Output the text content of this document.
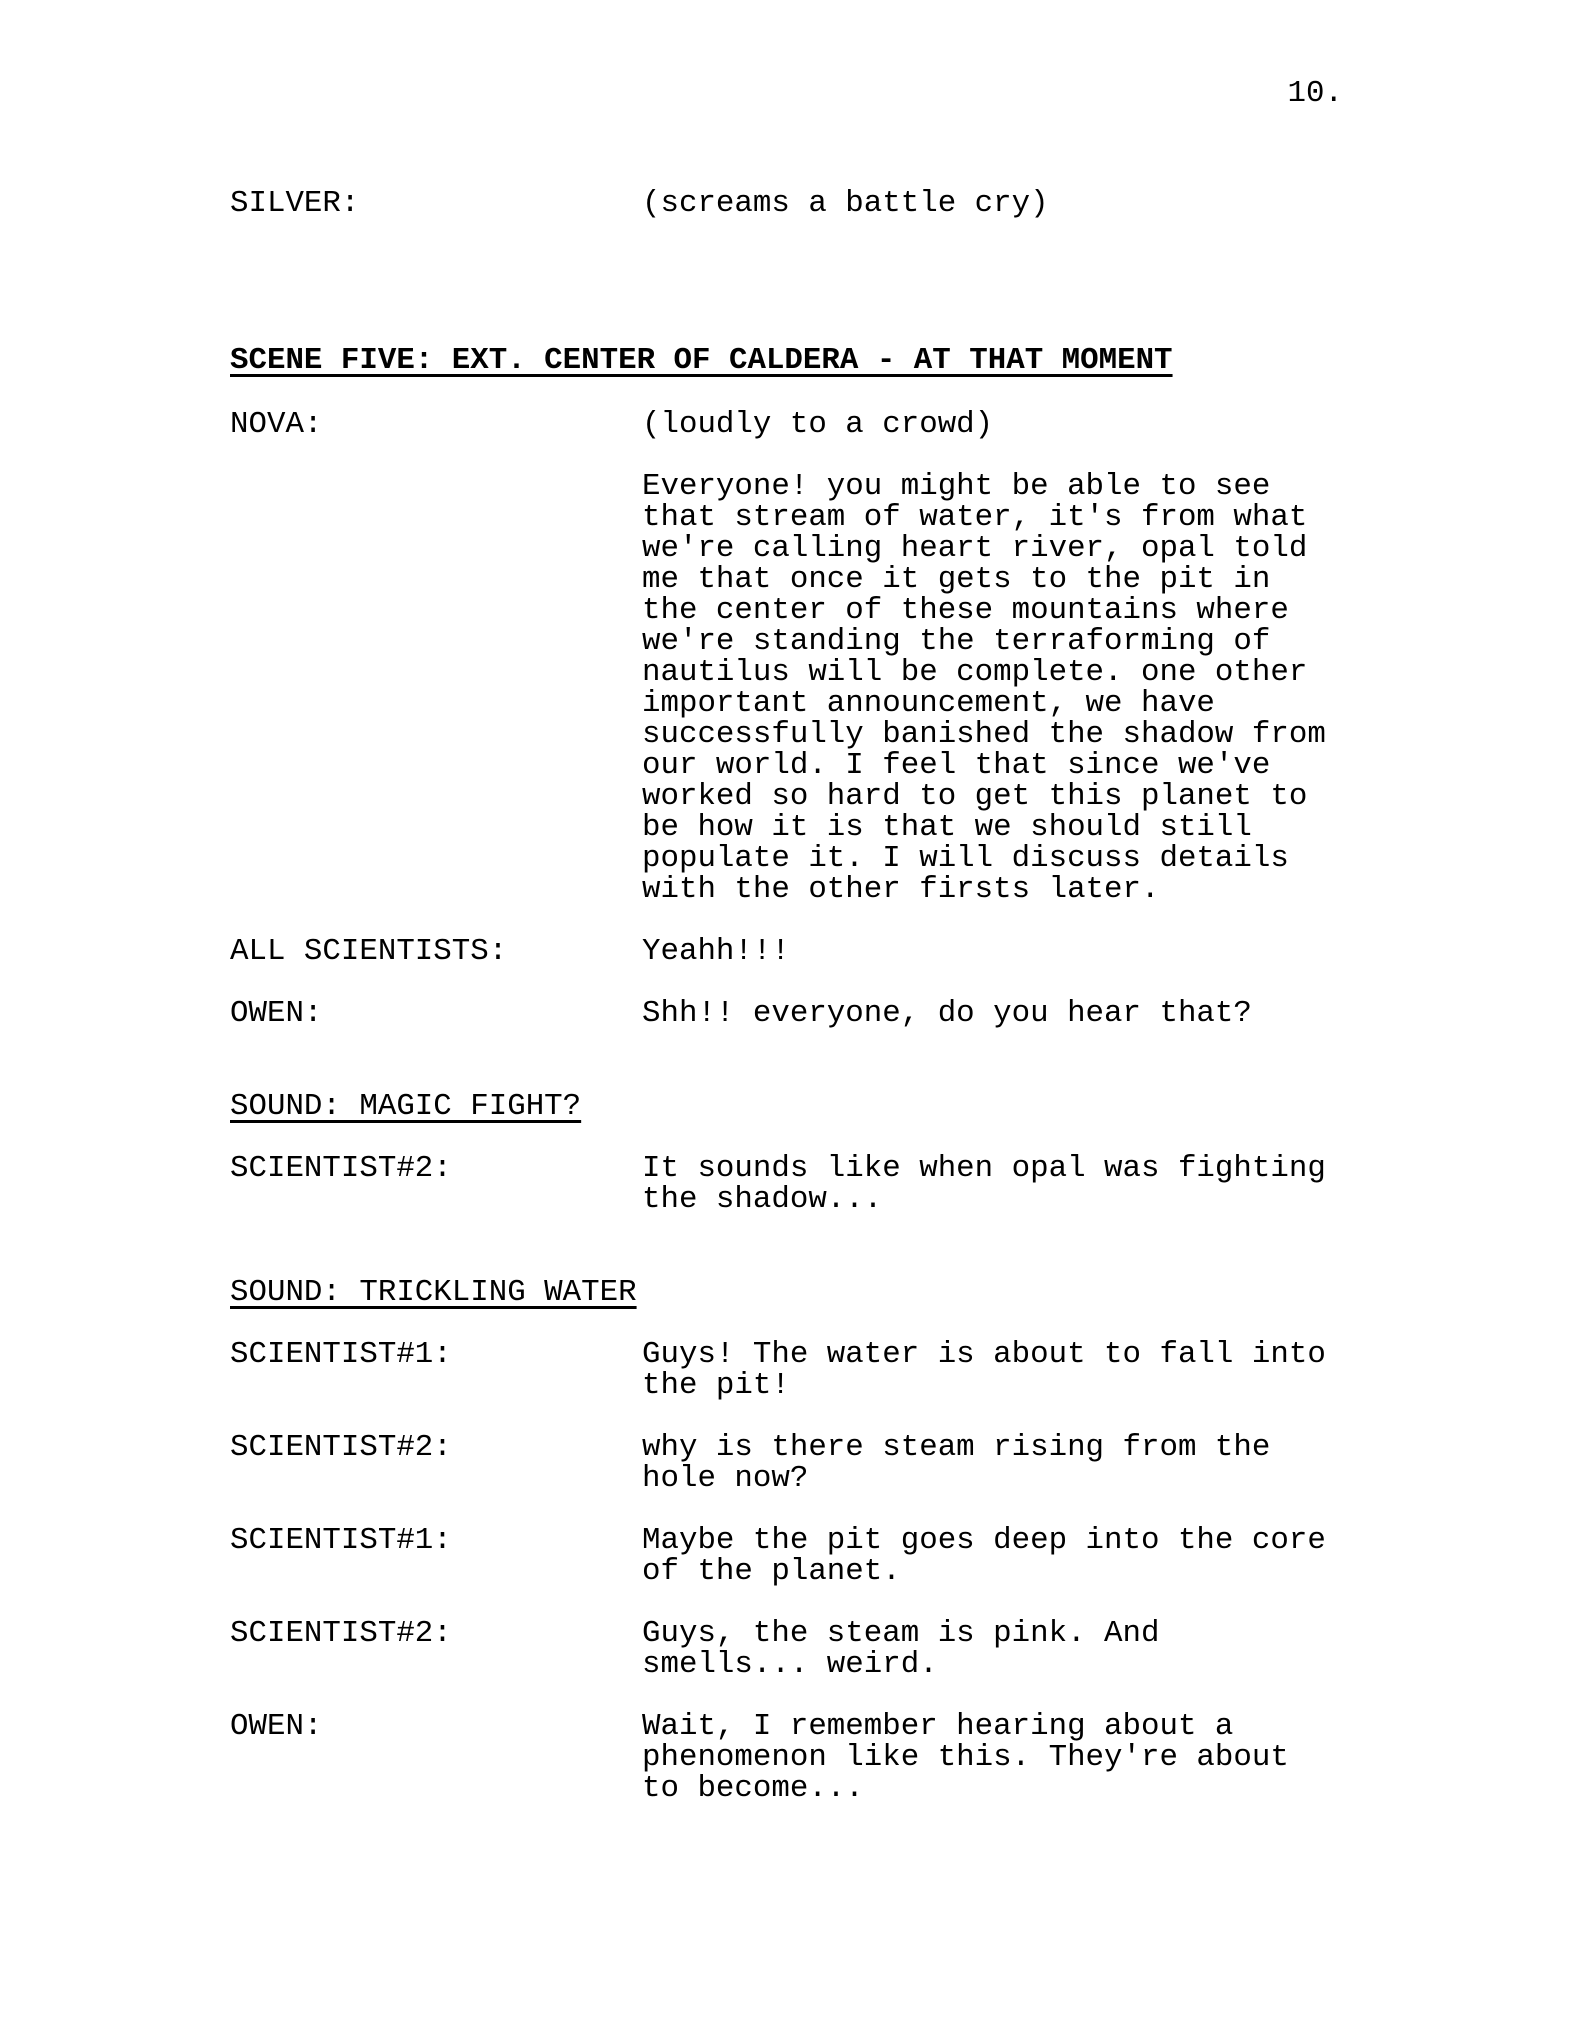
10.
SILVER:	(screams a battle cry)
SCENE FIVE: EXT. CENTER OF CALDERA - AT THAT MOMENT
NOVA:	(loudly to a crowd)
Everyone! you might be able to see
that stream of water, it's from what
we're calling heart river, opal told
me that once it gets to the pit in
the center of these mountains where
we're standing the terraforming of
nautilus will be complete. one other
important announcement, we have
successfully banished the shadow from
our world. I feel that since we've
worked so hard to get this planet to
be how it is that we should still
populate it. I will discuss details
with the other firsts later.
ALL SCIENTISTS:	Yeahh!!!
OWEN:	Shh!! everyone, do you hear that?
SOUND: MAGIC FIGHT?
SCIENTIST#2:	It sounds like when opal was fighting
the shadow...
SOUND: TRICKLING WATER
SCIENTIST#1:	Guys! The water is about to fall into
the pit!
SCIENTIST#2:	why is there steam rising from the
hole now?
SCIENTIST#1:	Maybe the pit goes deep into the core
of the planet.
SCIENTIST#2:	Guys, the steam is pink. And
smells... weird.
OWEN:	Wait, I remember hearing about a
phenomenon like this. They're about
to become...
